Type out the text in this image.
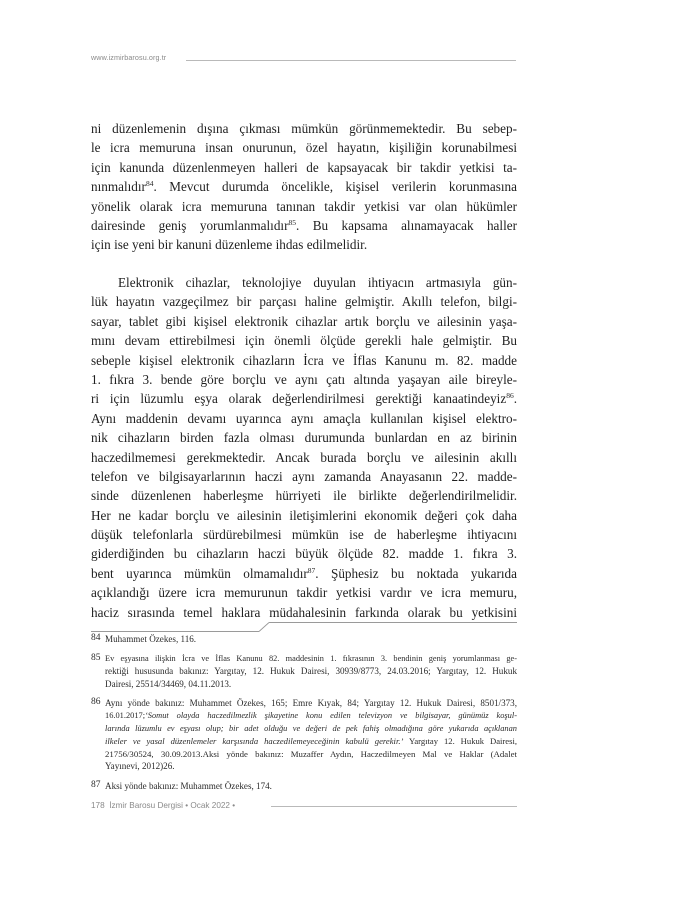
www.izmirbarosu.org.tr
ni düzenlemenin dışına çıkması mümkün görünmemektedir. Bu sebep-
le icra memuruna insan onurunun, özel hayatın, kişiliğin korunabilmesi
için kanunda düzenlenmeyen halleri de kapsayacak bir takdir yetkisi ta-
nınmalıdır$^{84}$. Mevcut durumda öncelikle, kişisel verilerin korunmasına
yönelik olarak icra memuruna tanınan takdir yetkisi var olan hükümler
dairesinde geniş yorumlanmalıdır$^{85}$. Bu kapsama alınamayacak haller
için ise yeni bir kanuni düzenleme ihdas edilmelidir.
Elektronik cihazlar, teknolojiye duyulan ihtiyacın artmasıyla gün-
lük hayatın vazgeçilmez bir parçası haline gelmiştir. Akıllı telefon, bilgi-
sayar, tablet gibi kişisel elektronik cihazlar artık borçlu ve ailesinin yaşa-
mını devam ettirebilmesi için önemli ölçüde gerekli hale gelmiştir. Bu
sebeple kişisel elektronik cihazların İcra ve İflas Kanunu m. 82. madde
1. fıkra 3. bende göre borçlu ve aynı çatı altında yaşayan aile bireyle-
ri için lüzumlu eşya olarak değerlendirilmesi gerektiği kanaatindeyiz$^{86}$.
Aynı maddenin devamı uyarınca aynı amaçla kullanılan kişisel elektro-
nik cihazların birden fazla olması durumunda bunlardan en az birinin
haczedilmemesi gerekmektedir. Ancak burada borçlu ve ailesinin akıllı
telefon ve bilgisayarlarının haczi aynı zamanda Anayasanın 22. madde-
sinde düzenlenen haberleşme hürriyeti ile birlikte değerlendirilmelidir.
Her ne kadar borçlu ve ailesinin iletişimlerini ekonomik değeri çok daha
düşük telefonlarla sürdürebilmesi mümkün ise de haberleşme ihtiyacını
giderdiğinden bu cihazların haczi büyük ölçüde 82. madde 1. fıkra 3.
bent uyarınca mümkün olmamalıdır$^{87}$. Şüphesiz bu noktada yukarıda
açıklandığı üzere icra memurunun takdir yetkisi vardır ve icra memuru,
haciz sırasında temel haklara müdahalesinin farkında olarak bu yetkisini
84 Muhammet Özekes, 116.
85 Ev eşyasına ilişkin İcra ve İflas Kanunu 82. maddesinin 1. fıkrasının 3. bendinin geniş yorumlanması ge-
rektiği hususunda bakınız: Yargıtay, 12. Hukuk Dairesi, 30939/8773, 24.03.2016; Yargıtay, 12. Hukuk
Dairesi, 25514/34469, 04.11.2013.
86 Aynı yönde bakınız: Muhammet Özekes, 165; Emre Kıyak, 84; Yargıtay 12. Hukuk Dairesi, 8501/373,
16.01.2017;‘Somut olayda haczedilmezlik şikayetine konu edilen televizyon ve bilgisayar, günümüz koşul-
larında lüzumlu ev eşyası olup; bir adet olduğu ve değeri de pek fahiş olmadığına göre yukarıda açıklanan
ilkeler ve yasal düzenlemeler karşısında haczedilemeyeceğinin kabulü gerekir.’ Yargıtay 12. Hukuk Dairesi,
21756/30524, 30.09.2013.Aksi yönde bakınız: Muzaffer Aydın, Haczedilmeyen Mal ve Haklar (Adalet
Yayınevi, 2012)26.
87 Aksi yönde bakınız: Muhammet Özekes, 174.
178 İzmir Barosu Dergisi • Ocak 2022 •
